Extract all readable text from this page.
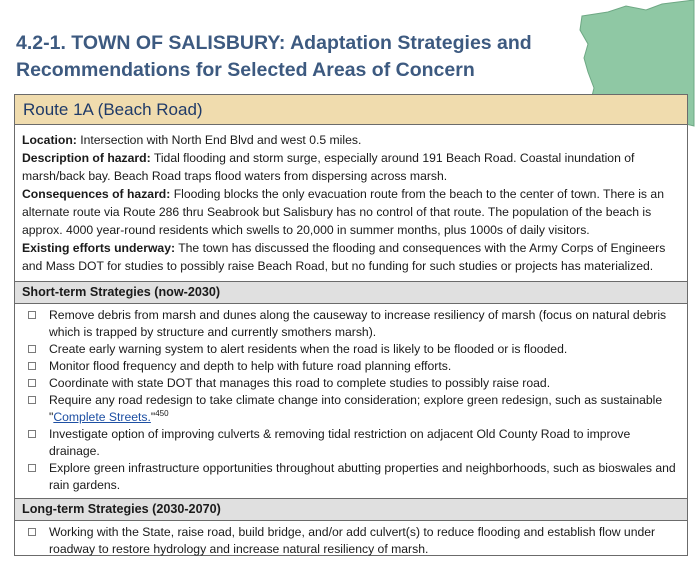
4.2-1. TOWN OF SALISBURY: Adaptation Strategies and Recommendations for Selected Areas of Concern
Route 1A (Beach Road)
Location: Intersection with North End Blvd and west 0.5 miles.
Description of hazard: Tidal flooding and storm surge, especially around 191 Beach Road. Coastal inundation of marsh/back bay. Beach Road traps flood waters from dispersing across marsh.
Consequences of hazard: Flooding blocks the only evacuation route from the beach to the center of town. There is an alternate route via Route 286 thru Seabrook but Salisbury has no control of that route. The population of the beach is approx. 4000 year-round residents which swells to 20,000 in summer months, plus 1000s of daily visitors.
Existing efforts underway: The town has discussed the flooding and consequences with the Army Corps of Engineers and Mass DOT for studies to possibly raise Beach Road, but no funding for such studies or projects has materialized.
Short-term Strategies (now-2030)
Remove debris from marsh and dunes along the causeway to increase resiliency of marsh (focus on natural debris which is trapped by structure and currently smothers marsh).
Create early warning system to alert residents when the road is likely to be flooded or is flooded.
Monitor flood frequency and depth to help with future road planning efforts.
Coordinate with state DOT that manages this road to complete studies to possibly raise road.
Require any road redesign to take climate change into consideration; explore green redesign, such as sustainable "Complete Streets."$^{450}$
Investigate option of improving culverts & removing tidal restriction on adjacent Old County Road to improve drainage.
Explore green infrastructure opportunities throughout abutting properties and neighborhoods, such as bioswales and rain gardens.
Long-term Strategies (2030-2070)
Working with the State, raise road, build bridge, and/or add culvert(s) to reduce flooding and establish flow under roadway to restore hydrology and increase natural resiliency of marsh.
